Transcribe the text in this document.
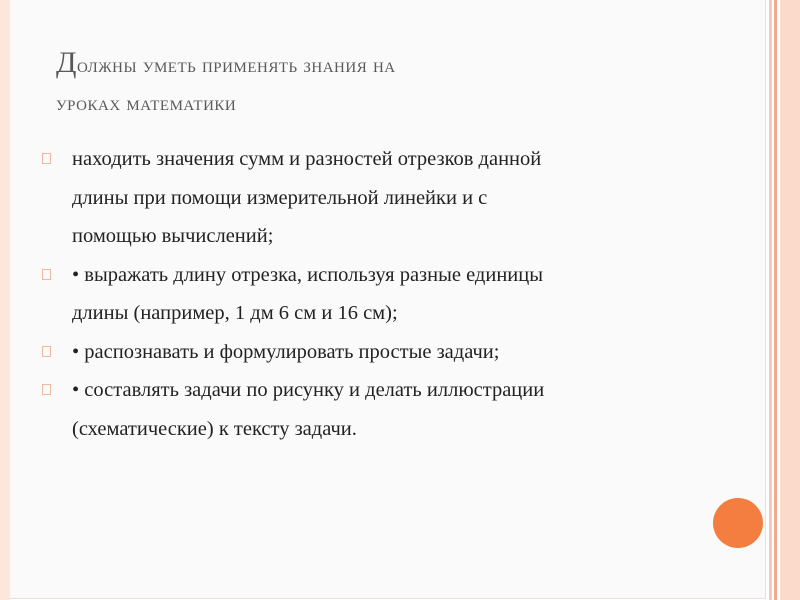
Должны уметь применять знания на
уроках математики
находить значения сумм и разностей отрезков данной
длины при помощи измерительной линейки и с
помощью вычислений;
• выражать длину отрезка, используя разные единицы
длины (например, 1 дм 6 см и 16 см);
• распознавать и формулировать простые задачи;
• составлять задачи по рисунку и делать иллюстрации
(схематические) к тексту задачи.
